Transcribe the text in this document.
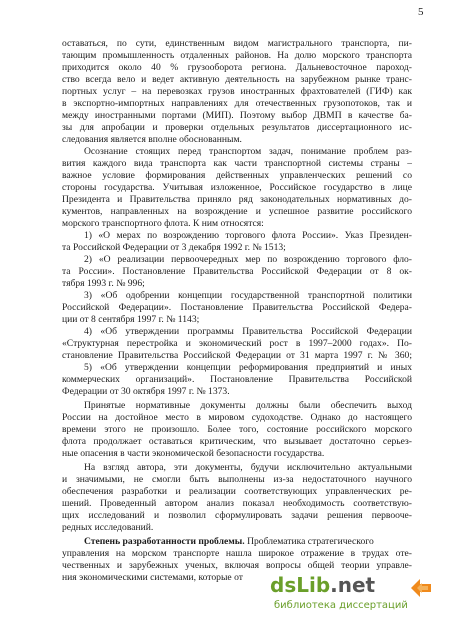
5
оставаться, по сути, единственным видом магистрального транспорта, пи-
тающим промышленность отдаленных районов. На долю морского транспорта
приходится около 40 % грузооборота региона. Дальневосточное пароход-
ство всегда вело и ведет активную деятельность на зарубежном рынке транс-
портных услуг – на перевозках грузов иностранных фрахтователей (ГИФ) как
в экспортно-импортных направлениях для отечественных грузопотоков, так и
между иностранными портами (МИП). Поэтому выбор ДВМП в качестве ба-
зы для апробации и проверки отдельных результатов диссертационного ис-
следования является вполне обоснованным.
Осознание стоящих перед транспортом задач, понимание проблем раз-
вития каждого вида транспорта как части транспортной системы страны –
важное условие формирования действенных управленческих решений со
стороны государства. Учитывая изложенное, Российское государство в лице
Президента и Правительства приняло ряд законодательных нормативных до-
кументов, направленных на возрождение и успешное развитие российского
морского транспортного флота. К ним относятся:
1) «О мерах по возрождению торгового флота России». Указ Президен-
та Российской Федерации от 3 декабря 1992 г. № 1513;
2) «О реализации первоочередных мер по возрождению торгового фло-
та России». Постановление Правительства Российской Федерации от 8 ок-
тября 1993 г. № 996;
3) «Об одобрении концепции государственной транспортной политики
Российской Федерации». Постановление Правительства Российской Федера-
ции от 8 сентября 1997 г. № 1143;
4) «Об утверждении программы Правительства Российской Федерации
«Структурная перестройка и экономический рост в 1997–2000 годах». По-
становление Правительства Российской Федерации от 31 марта 1997 г. № 360;
5) «Об утверждении концепции реформирования предприятий и иных
коммерческих организаций». Постановление Правительства Российской
Федерации от 30 октября 1997 г. № 1373.
Принятые нормативные документы должны были обеспечить выход
России на достойное место в мировом судоходстве. Однако до настоящего
времени этого не произошло. Более того, состояние российского морского
флота продолжает оставаться критическим, что вызывает достаточно серьез-
ные опасения в части экономической безопасности государства.
На взгляд автора, эти документы, будучи исключительно актуальными
и значимыми, не смогли быть выполнены из-за недостаточного научного
обеспечения разработки и реализации соответствующих управленческих ре-
шений. Проведенный автором анализ показал необходимость соответствую-
щих исследований и позволил сформулировать задачи решения первооче-
редных исследований.
Степень разработанности проблемы. Проблематика стратегического
управления на морском транспорте нашла широкое отражение в трудах оте-
чественных и зарубежных ученых, включая вопросы общей теории управле-
ния экономическими системами, которые от	dsLib.net
библиотека диссертаций
